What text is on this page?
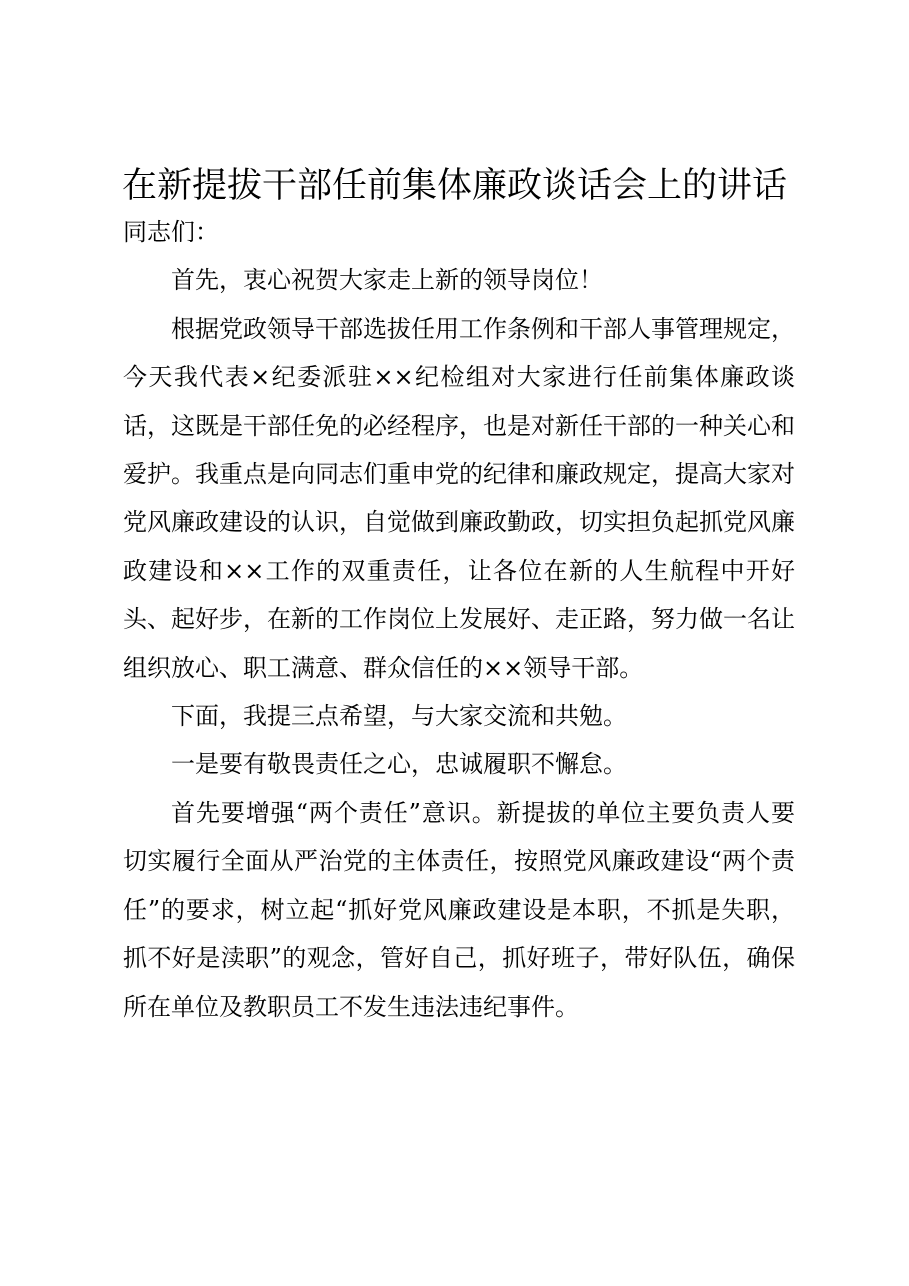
在新提拔干部任前集体廉政谈话会上的讲话

同志们：

首先，衷心祝贺大家走上新的领导岗位！

根据党政领导干部选拔任用工作条例和干部人事管理规定，今天我代表×纪委派驻××纪检组对大家进行任前集体廉政谈话，这既是干部任免的必经程序，也是对新任干部的一种关心和爱护。我重点是向同志们重申党的纪律和廉政规定，提高大家对党风廉政建设的认识，自觉做到廉政勤政，切实担负起抓党风廉政建设和××工作的双重责任，让各位在新的人生航程中开好头、起好步，在新的工作岗位上发展好、走正路，努力做一名让组织放心、职工满意、群众信任的××领导干部。

下面，我提三点希望，与大家交流和共勉。

一是要有敬畏责任之心，忠诚履职不懈怠。

首先要增强“两个责任”意识。新提拔的单位主要负责人要切实履行全面从严治党的主体责任，按照党风廉政建设“两个责任”的要求，树立起“抓好党风廉政建设是本职，不抓是失职，抓不好是渎职”的观念，管好自己，抓好班子，带好队伍，确保所在单位及教职员工不发生违法违纪事件。
